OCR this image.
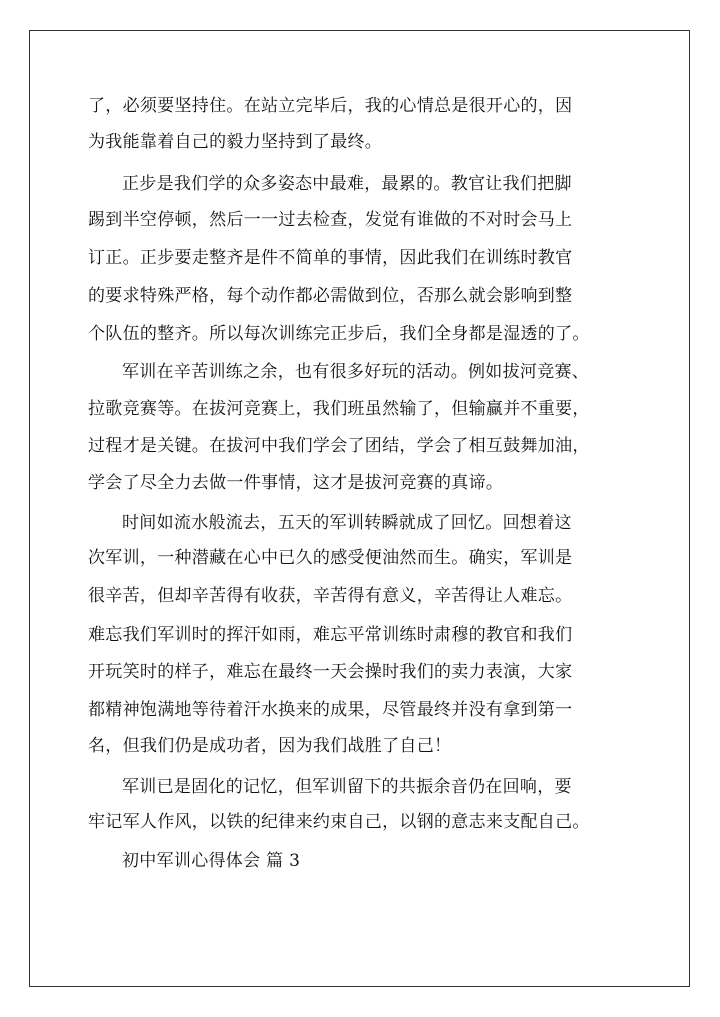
了，必须要坚持住。在站立完毕后，我的心情总是很开心的，因
为我能靠着自己的毅力坚持到了最终。
正步是我们学的众多姿态中最难，最累的。教官让我们把脚
踢到半空停顿，然后一一过去检查，发觉有谁做的不对时会马上
订正。正步要走整齐是件不简单的事情，因此我们在训练时教官
的要求特殊严格，每个动作都必需做到位，否那么就会影响到整
个队伍的整齐。所以每次训练完正步后，我们全身都是湿透的了。
军训在辛苦训练之余，也有很多好玩的活动。例如拔河竞赛、
拉歌竞赛等。在拔河竞赛上，我们班虽然输了，但输赢并不重要，
过程才是关键。在拔河中我们学会了团结，学会了相互鼓舞加油，
学会了尽全力去做一件事情，这才是拔河竞赛的真谛。
时间如流水般流去，五天的军训转瞬就成了回忆。回想着这
次军训，一种潜藏在心中已久的感受便油然而生。确实，军训是
很辛苦，但却辛苦得有收获，辛苦得有意义，辛苦得让人难忘。
难忘我们军训时的挥汗如雨，难忘平常训练时肃穆的教官和我们
开玩笑时的样子，难忘在最终一天会操时我们的卖力表演，大家
都精神饱满地等待着汗水换来的成果，尽管最终并没有拿到第一
名，但我们仍是成功者，因为我们战胜了自己！
军训已是固化的记忆，但军训留下的共振余音仍在回响，要
牢记军人作风，以铁的纪律来约束自己，以钢的意志来支配自己。
初中军训心得体会 篇 3
